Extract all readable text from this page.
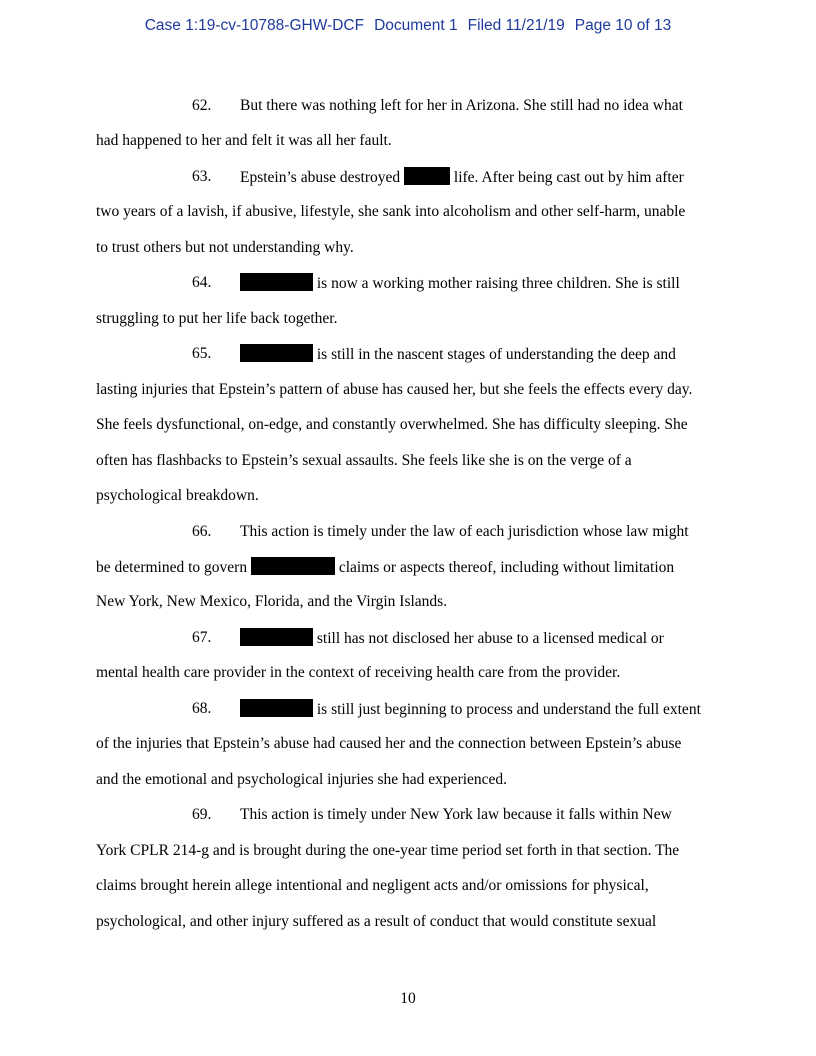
Case 1:19-cv-10788-GHW-DCF Document 1 Filed 11/21/19 Page 10 of 13
62. But there was nothing left for her in Arizona. She still had no idea what
had happened to her and felt it was all her fault.
63. Epstein’s abuse destroyed	life. After being cast out by him after
two years of a lavish, if abusive, lifestyle, she sank into alcoholism and other self-harm, unable
to trust others but not understanding why.
64.	is now a working mother raising three children. She is still
struggling to put her life back together.
65.	is still in the nascent stages of understanding the deep and
lasting injuries that Epstein’s pattern of abuse has caused her, but she feels the effects every day.
She feels dysfunctional, on-edge, and constantly overwhelmed. She has difficulty sleeping. She
often has flashbacks to Epstein’s sexual assaults. She feels like she is on the verge of a
psychological breakdown.
66. This action is timely under the law of each jurisdiction whose law might
be determined to govern	claims or aspects thereof, including without limitation
New York, New Mexico, Florida, and the Virgin Islands.
67.	still has not disclosed her abuse to a licensed medical or
mental health care provider in the context of receiving health care from the provider.
68.	is still just beginning to process and understand the full extent
of the injuries that Epstein’s abuse had caused her and the connection between Epstein’s abuse
and the emotional and psychological injuries she had experienced.
69. This action is timely under New York law because it falls within New
York CPLR 214-g and is brought during the one-year time period set forth in that section. The
claims brought herein allege intentional and negligent acts and/or omissions for physical,
psychological, and other injury suffered as a result of conduct that would constitute sexual
10
